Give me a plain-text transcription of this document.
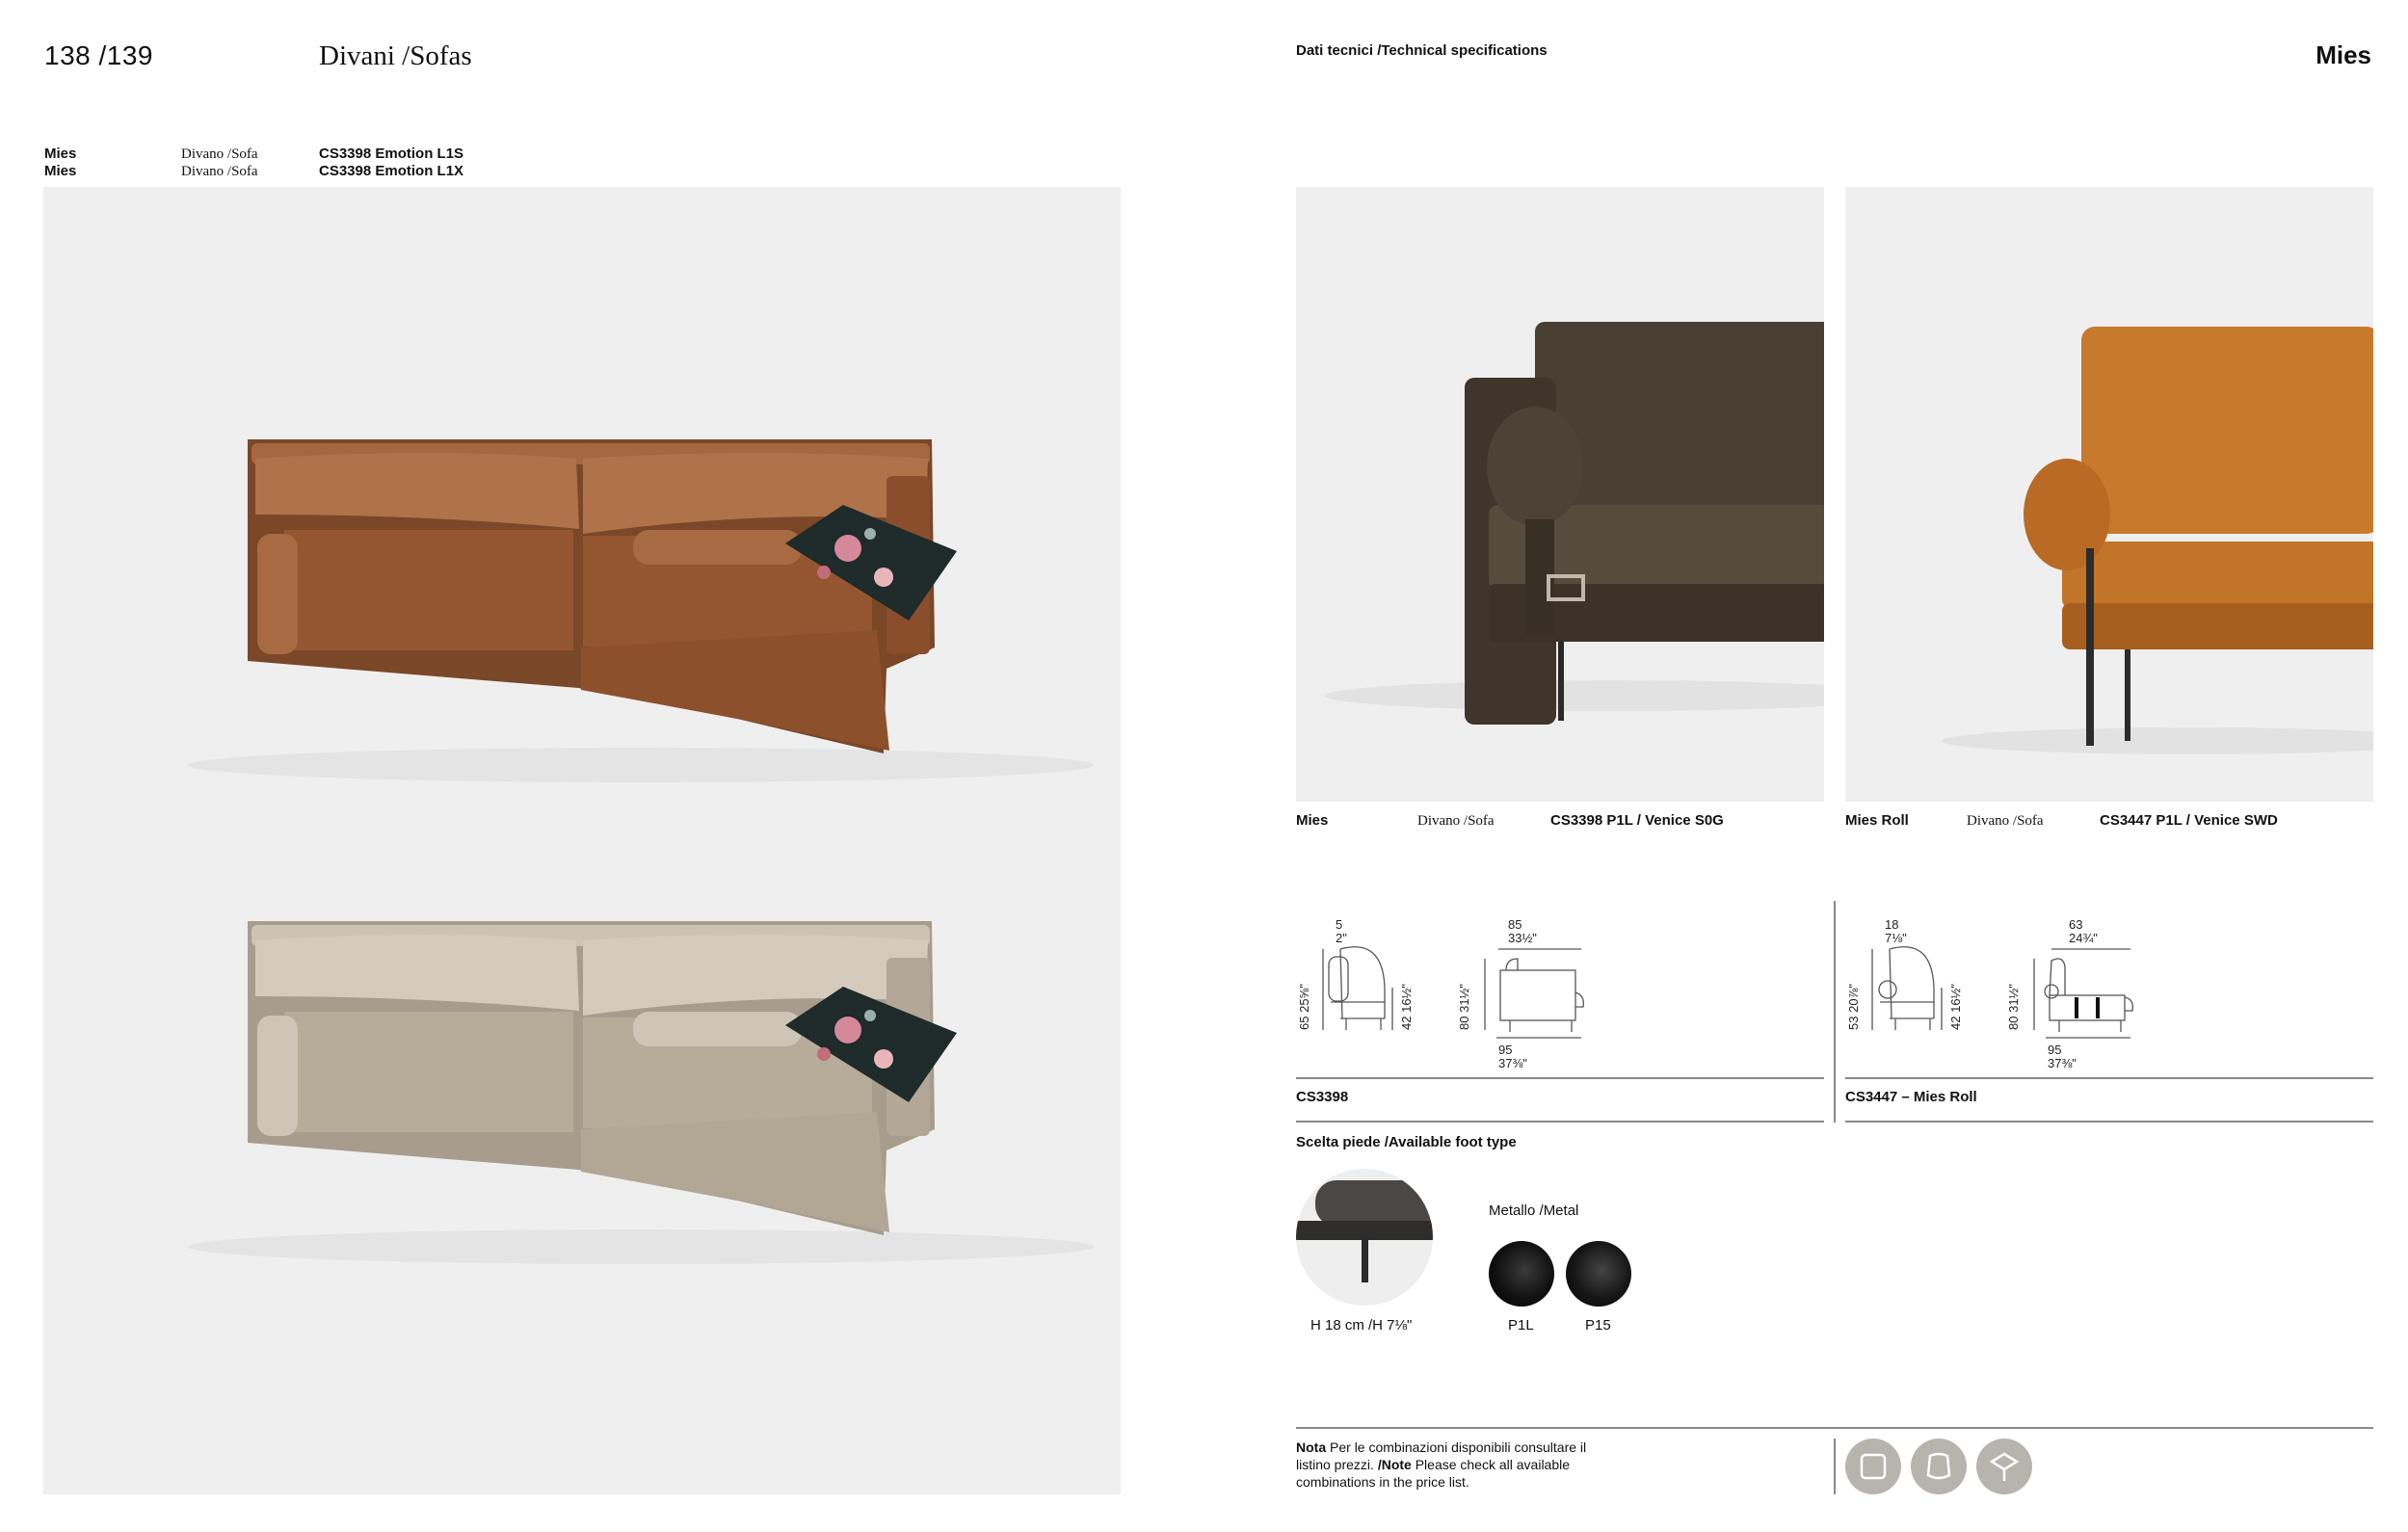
138 /139	Divani /Sofas	Dati tecnici /Technical specifications	Mies
Mies	Divano /Sofa	CS3398 Emotion L1S
Mies	Divano /Sofa	CS3398 Emotion L1X
Mies	Divano /Sofa	CS3398 P1L / Venice S0G	Mies Roll	Divano /Sofa	CS3447 P1L / Venice SWD
5
2"
65 25⅝"
42 16½"
85
33½"
80 31½"
95
37⅜"
18
7⅛"
53 20⅞"
42 16½"
63
24¾"
80 31½"
95
37⅜"
CS3398	CS3447 – Mies Roll
Scelta piede /Available foot type
H 18 cm /H 7⅛"
Metallo /Metal
P1L	P15
Nota Per le combinazioni disponibili consultare il listino prezzi. /Note Please check all available combinations in the price list.
